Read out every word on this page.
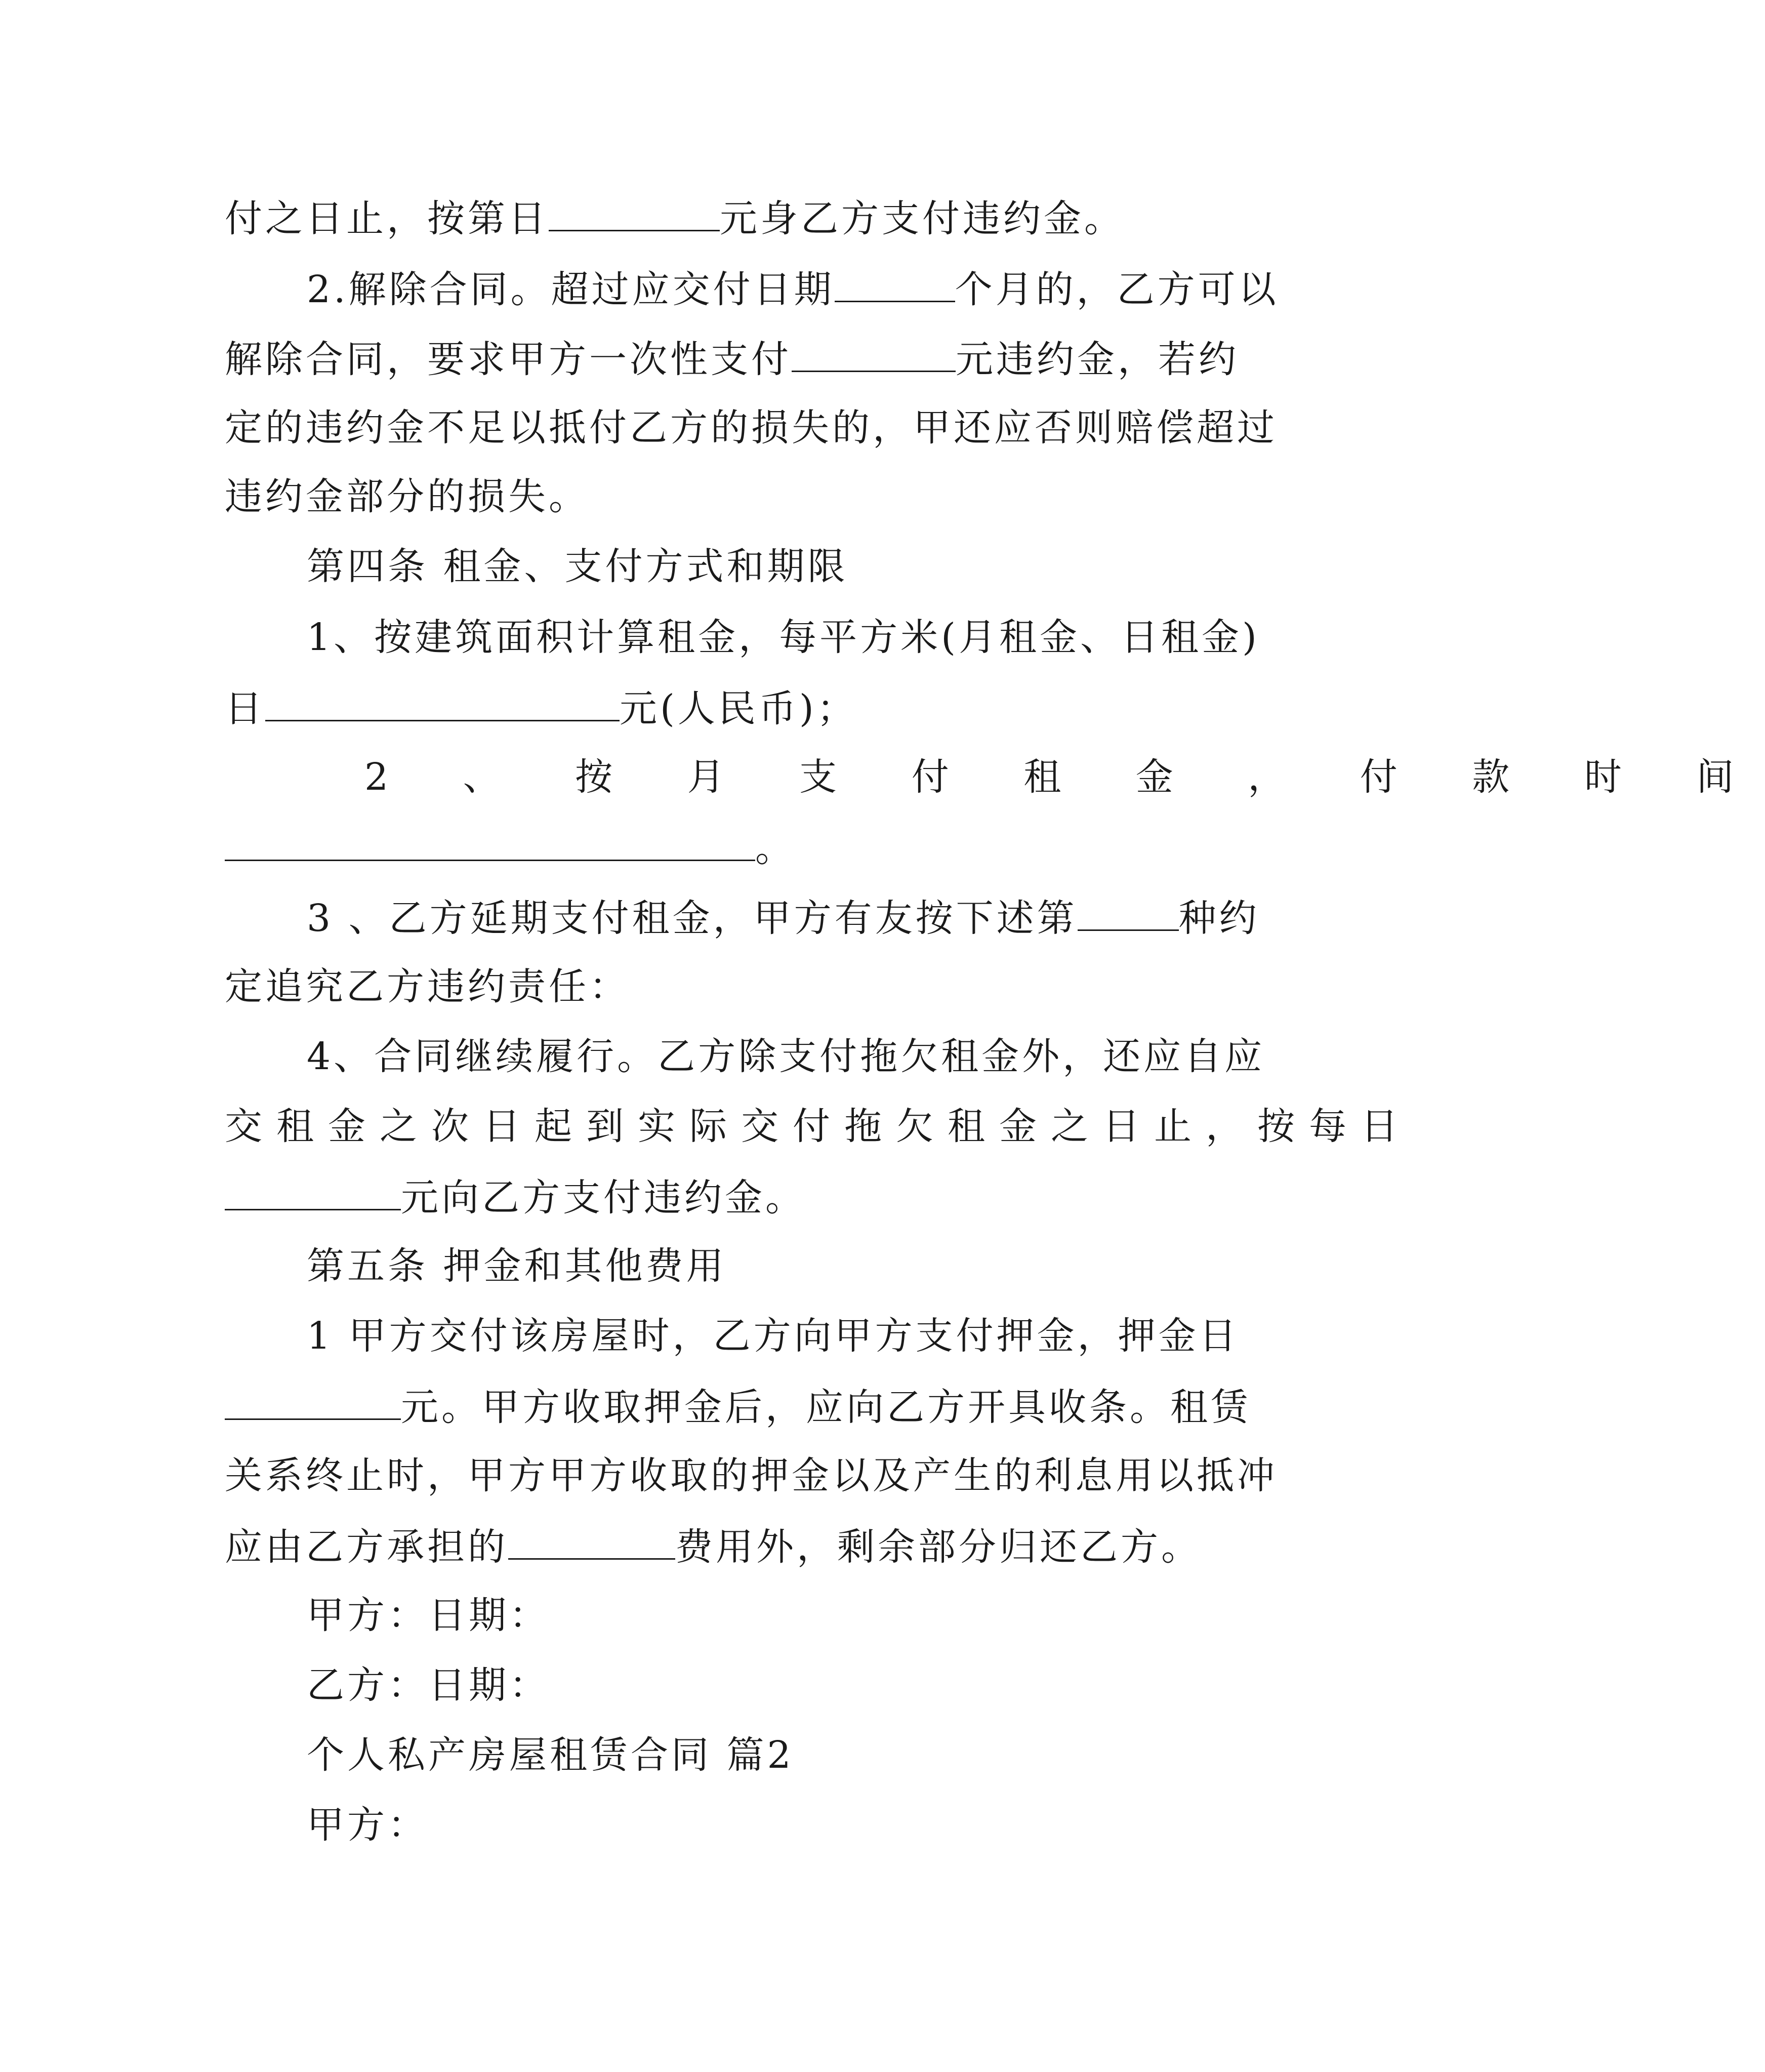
付之日止，按第日	元身乙方支付违约金。
2.解除合同。超过应交付日期	个月的，乙方可以
解除合同，要求甲方一次性支付	元违约金，若约
定的违约金不足以抵付乙方的损失的，甲还应否则赔偿超过
违约金部分的损失。
第四条 租金、支付方式和期限
1、按建筑面积计算租金，每平方米(月租金、日租金)
日	元(人民币)；
2 、 按 月 支 付 租 金 ， 付 款 时 间
。
3 、乙方延期支付租金，甲方有友按下述第	种约
定追究乙方违约责任：
4、合同继续履行。乙方除支付拖欠租金外，还应自应
交租金之次日起到实际交付拖欠租金之日止，按每日
元向乙方支付违约金。
第五条 押金和其他费用
1 甲方交付该房屋时，乙方向甲方支付押金，押金日
元。甲方收取押金后，应向乙方开具收条。租赁
关系终止时，甲方甲方收取的押金以及产生的利息用以抵冲
应由乙方承担的	费用外，剩余部分归还乙方。
甲方：日期：
乙方：日期：
个人私产房屋租赁合同 篇2
甲方：
